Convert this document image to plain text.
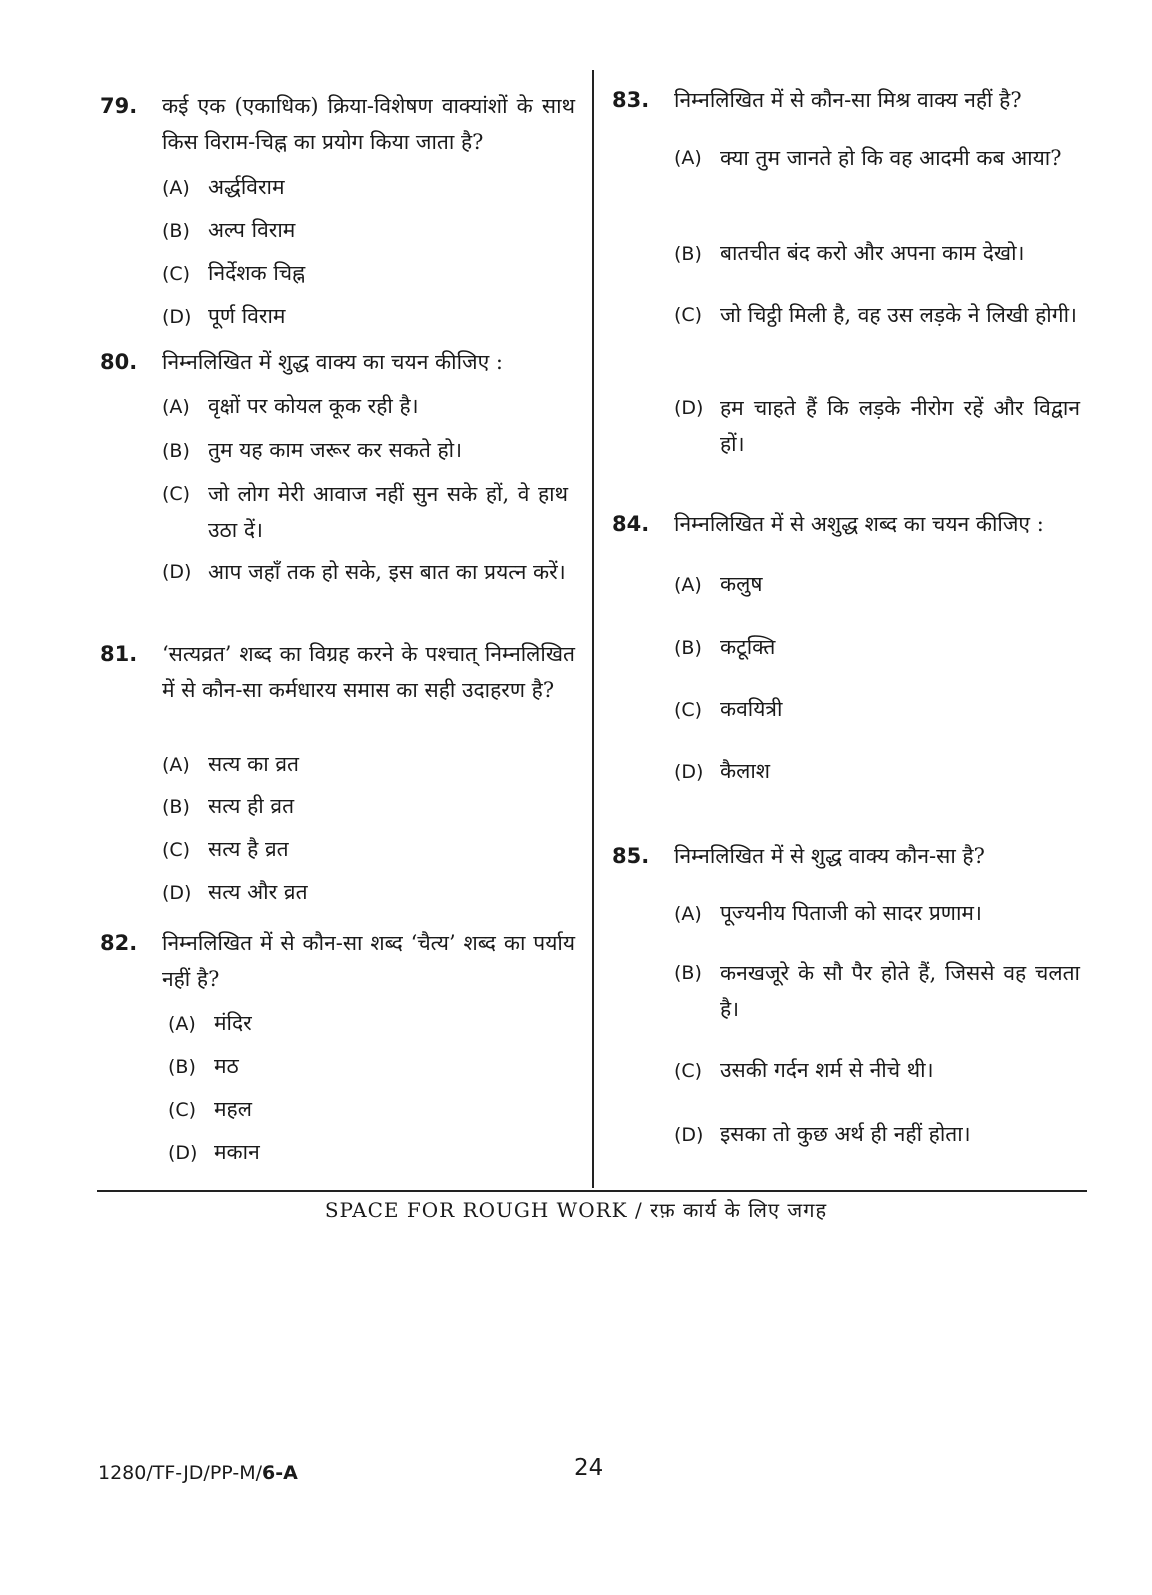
79. कई एक (एकाधिक) क्रिया-विशेषण वाक्यांशों के साथ किस विराम-चिह्न का प्रयोग किया जाता है?
(A) अर्द्धविराम
(B) अल्प विराम
(C) निर्देशक चिह्न
(D) पूर्ण विराम
80. निम्नलिखित में शुद्ध वाक्य का चयन कीजिए :
(A) वृक्षों पर कोयल कूक रही है।
(B) तुम यह काम जरूर कर सकते हो।
(C) जो लोग मेरी आवाज नहीं सुन सके हों, वे हाथ उठा दें।
(D) आप जहाँ तक हो सके, इस बात का प्रयत्न करें।
81. ‘सत्यव्रत’ शब्द का विग्रह करने के पश्चात् निम्नलिखित में से कौन-सा कर्मधारय समास का सही उदाहरण है?
(A) सत्य का व्रत
(B) सत्य ही व्रत
(C) सत्य है व्रत
(D) सत्य और व्रत
82. निम्नलिखित में से कौन-सा शब्द ‘चैत्य’ शब्द का पर्याय नहीं है?
(A) मंदिर
(B) मठ
(C) महल
(D) मकान
83. निम्नलिखित में से कौन-सा मिश्र वाक्य नहीं है?
(A) क्या तुम जानते हो कि वह आदमी कब आया?
(B) बातचीत बंद करो और अपना काम देखो।
(C) जो चिट्ठी मिली है, वह उस लड़के ने लिखी होगी।
(D) हम चाहते हैं कि लड़के नीरोग रहें और विद्वान हों।
84. निम्नलिखित में से अशुद्ध शब्द का चयन कीजिए :
(A) कलुष
(B) कटूक्ति
(C) कवयित्री
(D) कैलाश
85. निम्नलिखित में से शुद्ध वाक्य कौन-सा है?
(A) पूज्यनीय पिताजी को सादर प्रणाम।
(B) कनखजूरे के सौ पैर होते हैं, जिससे वह चलता है।
(C) उसकी गर्दन शर्म से नीचे थी।
(D) इसका तो कुछ अर्थ ही नहीं होता।
SPACE FOR ROUGH WORK / रफ़ कार्य के लिए जगह
1280/TF-JD/PP-M/6-A	24
